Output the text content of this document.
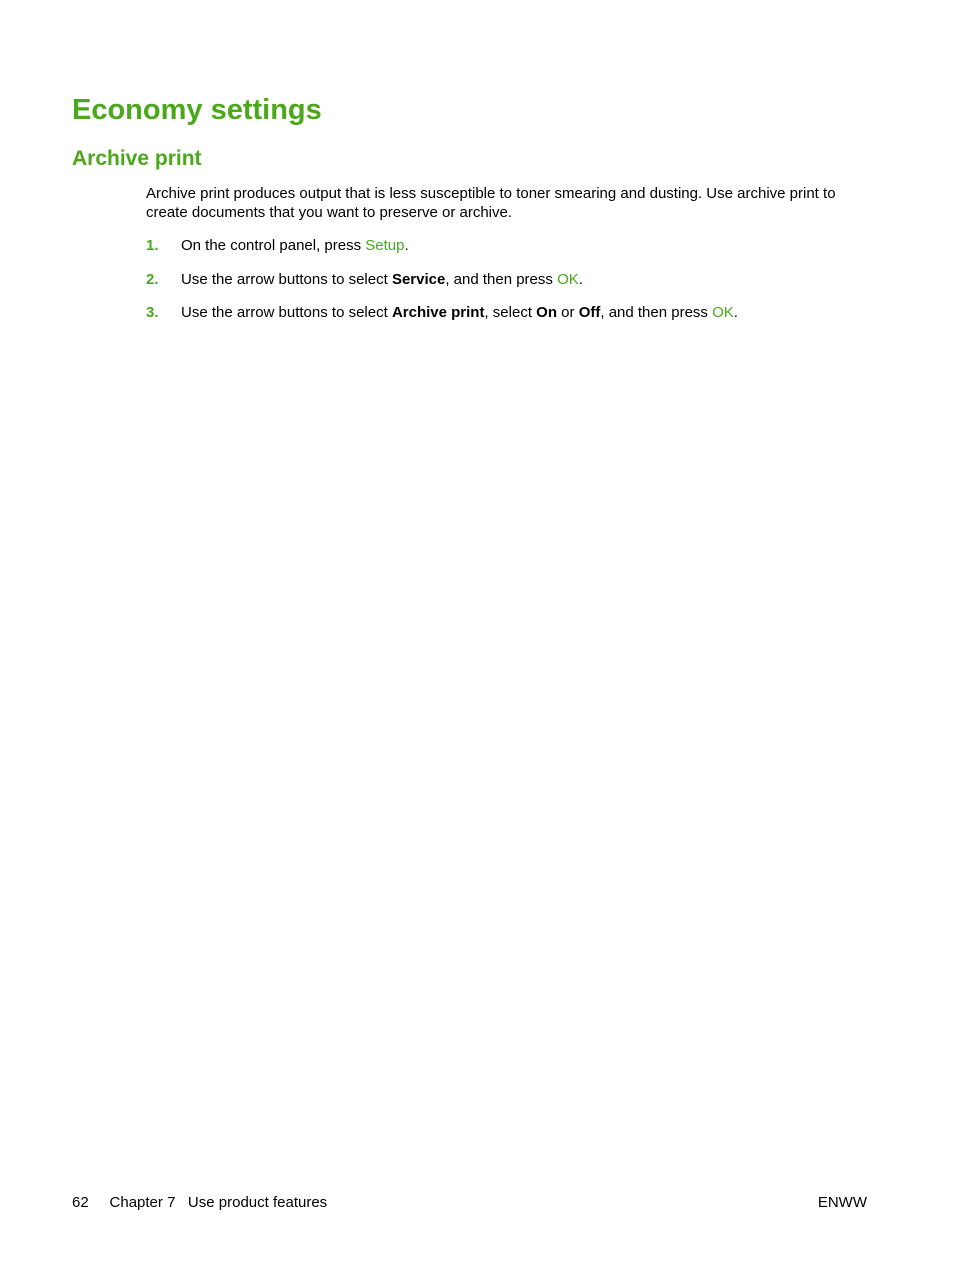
Economy settings
Archive print

Archive print produces output that is less susceptible to toner smearing and dusting. Use archive print to create documents that you want to preserve or archive.

1. On the control panel, press Setup.
2. Use the arrow buttons to select Service, and then press OK.
3. Use the arrow buttons to select Archive print, select On or Off, and then press OK.
62 Chapter 7 Use product features	ENWW
